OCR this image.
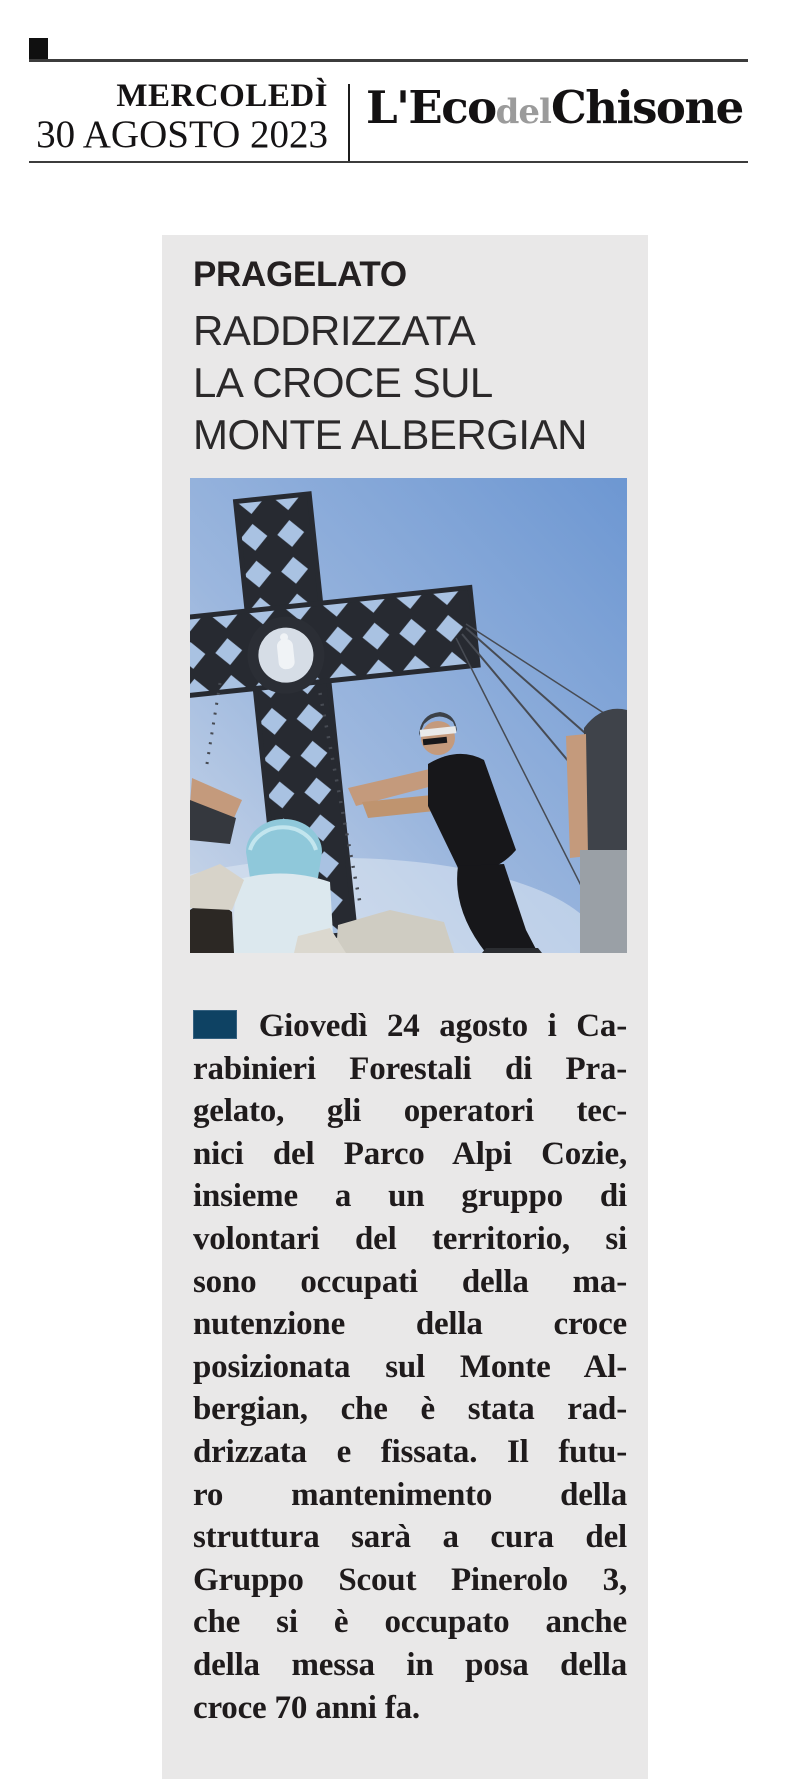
MERCOLEDÌ
30 AGOSTO 2023
L'EcodelChisone
PRAGELATO
RADDRIZZATA
LA CROCE SUL
MONTE ALBERGIAN
Giovedì 24 agosto i Ca-
rabinieri Forestali di Pra-
gelato, gli operatori tec-
nici del Parco Alpi Cozie,
insieme a un gruppo di
volontari del territorio, si
sono occupati della ma-
nutenzione della croce
posizionata sul Monte Al-
bergian, che è stata rad-
drizzata e fissata. Il futu-
ro mantenimento della
struttura sarà a cura del
Gruppo Scout Pinerolo 3,
che si è occupato anche
della messa in posa della
croce 70 anni fa.
